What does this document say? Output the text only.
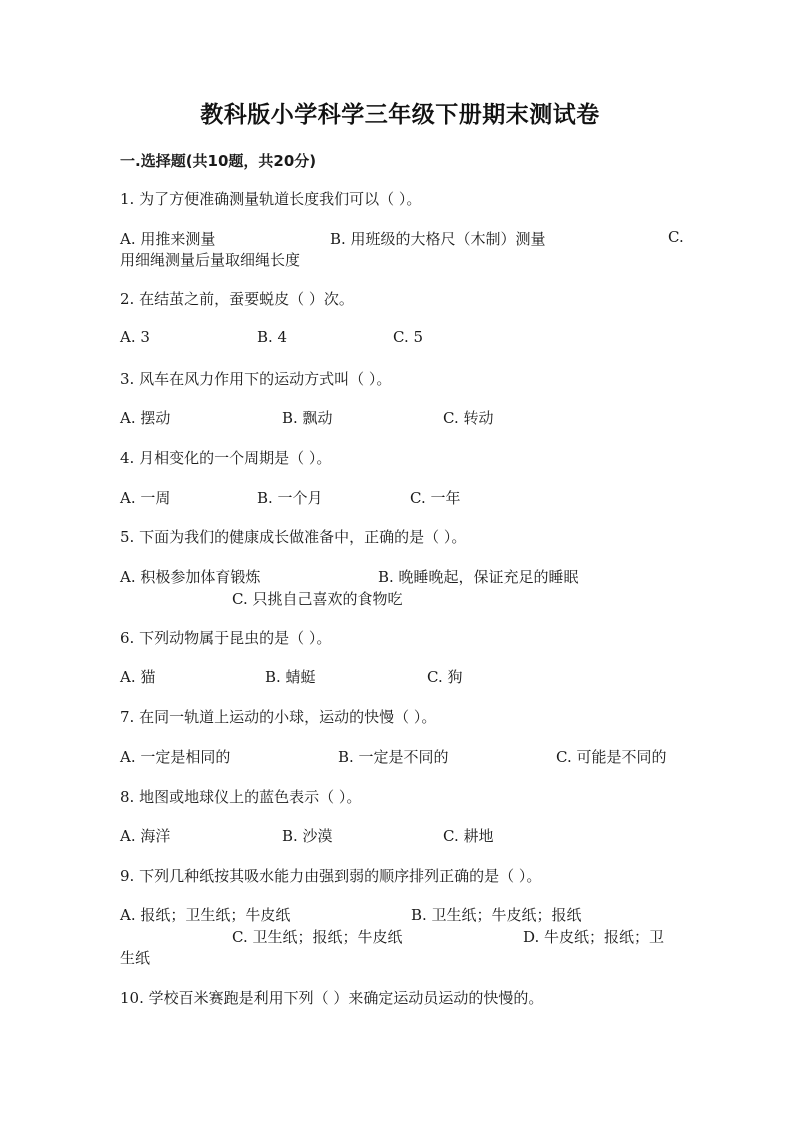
教科版小学科学三年级下册期末测试卷
一.选择题(共10题，共20分)
1. 为了方便准确测量轨道长度我们可以（ ）。
A. 用推来测量	B. 用班级的大格尺（木制）测量	C.
用细绳测量后量取细绳长度
2. 在结茧之前，蚕要蜕皮（ ）次。
A. 3	B. 4	C. 5
3. 风车在风力作用下的运动方式叫（ ）。
A. 摆动	B. 飘动	C. 转动
4. 月相变化的一个周期是（ ）。
A. 一周	B. 一个月	C. 一年
5. 下面为我们的健康成长做准备中，正确的是（ ）。
A. 积极参加体育锻炼	B. 晚睡晚起，保证充足的睡眠
C. 只挑自己喜欢的食物吃
6. 下列动物属于昆虫的是（ ）。
A. 猫	B. 蜻蜓	C. 狗
7. 在同一轨道上运动的小球，运动的快慢（ ）。
A. 一定是相同的	B. 一定是不同的	C. 可能是不同的
8. 地图或地球仪上的蓝色表示（ ）。
A. 海洋	B. 沙漠	C. 耕地
9. 下列几种纸按其吸水能力由强到弱的顺序排列正确的是（ ）。
A. 报纸；卫生纸；牛皮纸	B. 卫生纸；牛皮纸；报纸
C. 卫生纸；报纸；牛皮纸	D. 牛皮纸；报纸；卫
生纸
10. 学校百米赛跑是利用下列（ ）来确定运动员运动的快慢的。
